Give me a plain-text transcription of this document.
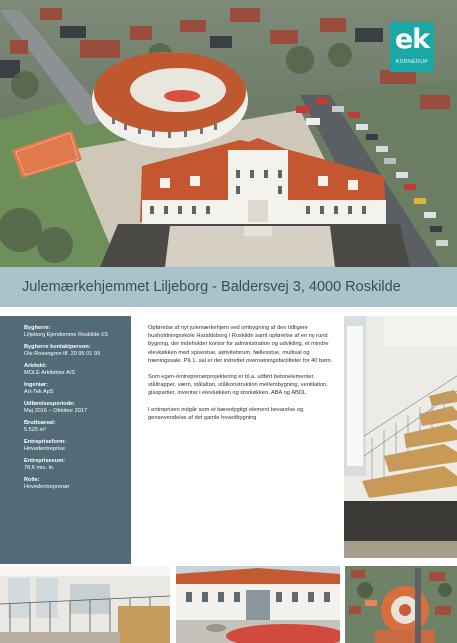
ek
KORNERUP
Julemærkehjemmet Liljeborg - Baldersvej 3, 4000 Roskilde
Bygherre:
Liljeborg Ejendomme Roskilde I/S
Bygherre kontaktperson:
Ole Rosengren tlf. 20 95 01 99
Arkitekt:
MOLE Arkitekter A/S
Ingeniør:
Art-Tek ApS
Udførelsesperiode:
Maj 2016 – Oktober 2017
Bruttoareal:
5.525 m²
Entrepriseform:
Hovedentreprise
Entreprisesum:
78,6 mio. kr.
Rolle:
Hovedentreprenør

Opførelse af nyt julemærkehjem ved ombygning af den tidligere husholdningsskole Haraldsborg i Roskilde samt opførelse af en ny rund bygning, der indeholder kontor for administration og udvikling, et mindre elevkøkken med spisestue, aktivitetsrum, fællesstue, multisal og træningssale. På 1. sal er der indrettet overnatningsfaciliteter for 40 børn.

Som egen-/entreprenørprojektering er bl.a. udført betonelementer, ståltrapper, værn, stålaltan, stålkonstruktion mellembygning, ventilation, glaspartier, inventar i elevkøkken og storkøkken, ABA og ABDL.

I entreprisen indgår som et bæredygtigt element bevarelse og genanvendelse af det gamle hovedbygning
